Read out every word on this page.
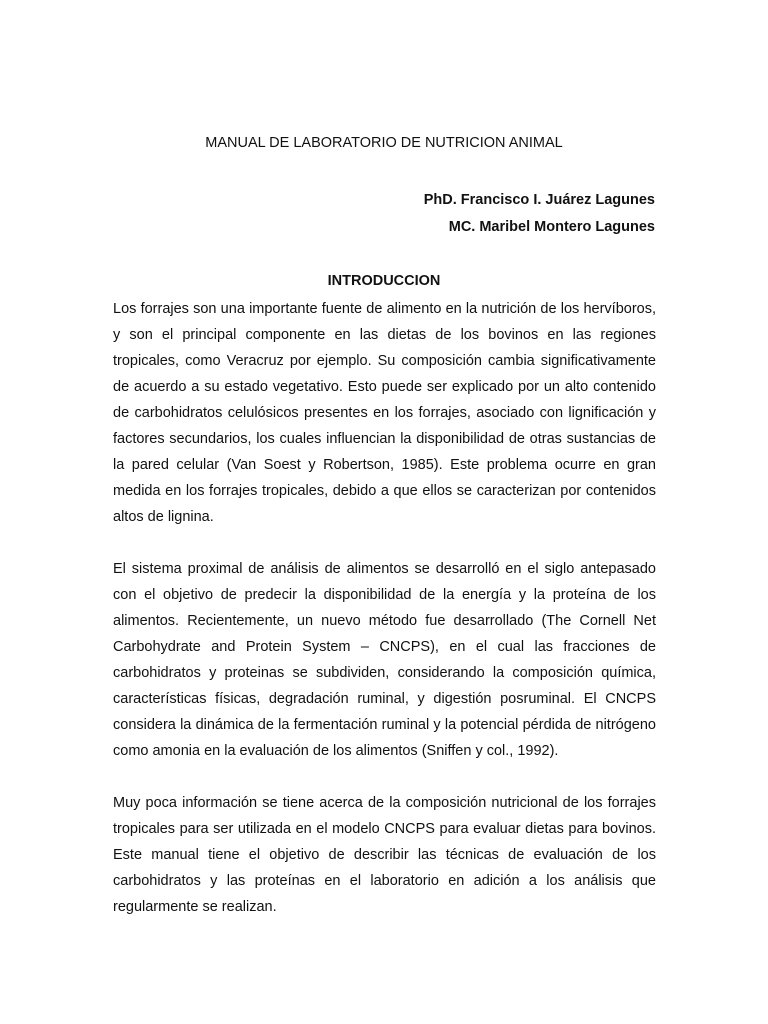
MANUAL DE LABORATORIO DE NUTRICION ANIMAL
PhD. Francisco I. Juárez Lagunes
MC. Maribel Montero Lagunes
INTRODUCCION

Los forrajes son una importante fuente de alimento en la nutrición de los hervíboros, y son el principal componente en las dietas de los bovinos en las regiones tropicales, como Veracruz por ejemplo. Su composición cambia significativamente de acuerdo a su estado vegetativo. Esto puede ser explicado por un alto contenido de carbohidratos celulósicos presentes en los forrajes, asociado con lignificación y factores secundarios, los cuales influencian la disponibilidad de otras sustancias de la pared celular (Van Soest y Robertson, 1985). Este problema ocurre en gran medida en los forrajes tropicales, debido a que ellos se caracterizan por contenidos altos de lignina.

El sistema proximal de análisis de alimentos se desarrolló en el siglo antepasado con el objetivo de predecir la disponibilidad de la energía y la proteína de los alimentos. Recientemente, un nuevo método fue desarrollado (The Cornell Net Carbohydrate and Protein System – CNCPS), en el cual las fracciones de carbohidratos y proteinas se subdividen, considerando la composición química, características físicas, degradación ruminal, y digestión posruminal. El CNCPS considera la dinámica de la fermentación ruminal y la potencial pérdida de nitrógeno como amonia en la evaluación de los alimentos (Sniffen y col., 1992).

Muy poca información se tiene acerca de la composición nutricional de los forrajes tropicales para ser utilizada en el modelo CNCPS para evaluar dietas para bovinos. Este manual tiene el objetivo de describir las técnicas de evaluación de los carbohidratos y las proteínas en el laboratorio en adición a los análisis que regularmente se realizan.
